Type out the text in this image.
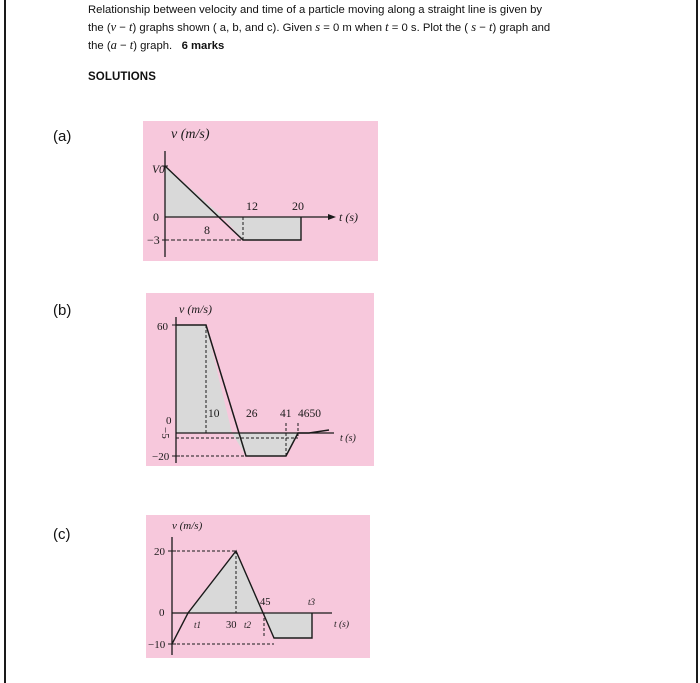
Relationship between velocity and time of a particle moving along a straight line is given by
the (v − t) graphs shown ( a, b, and c). Given s = 0 m when t = 0 s. Plot the ( s − t) graph and
the (a − t) graph. 6 marks
SOLUTIONS
(a)	v (m/s)
V0
0
−3
8
12	20
t (s)
(b)	v (m/s)
60
0
−5
−20
10 26 41 4650
t (s)
(c)	v (m/s)
20
0
−10
t1 30 t2
45	t3
t (s)
